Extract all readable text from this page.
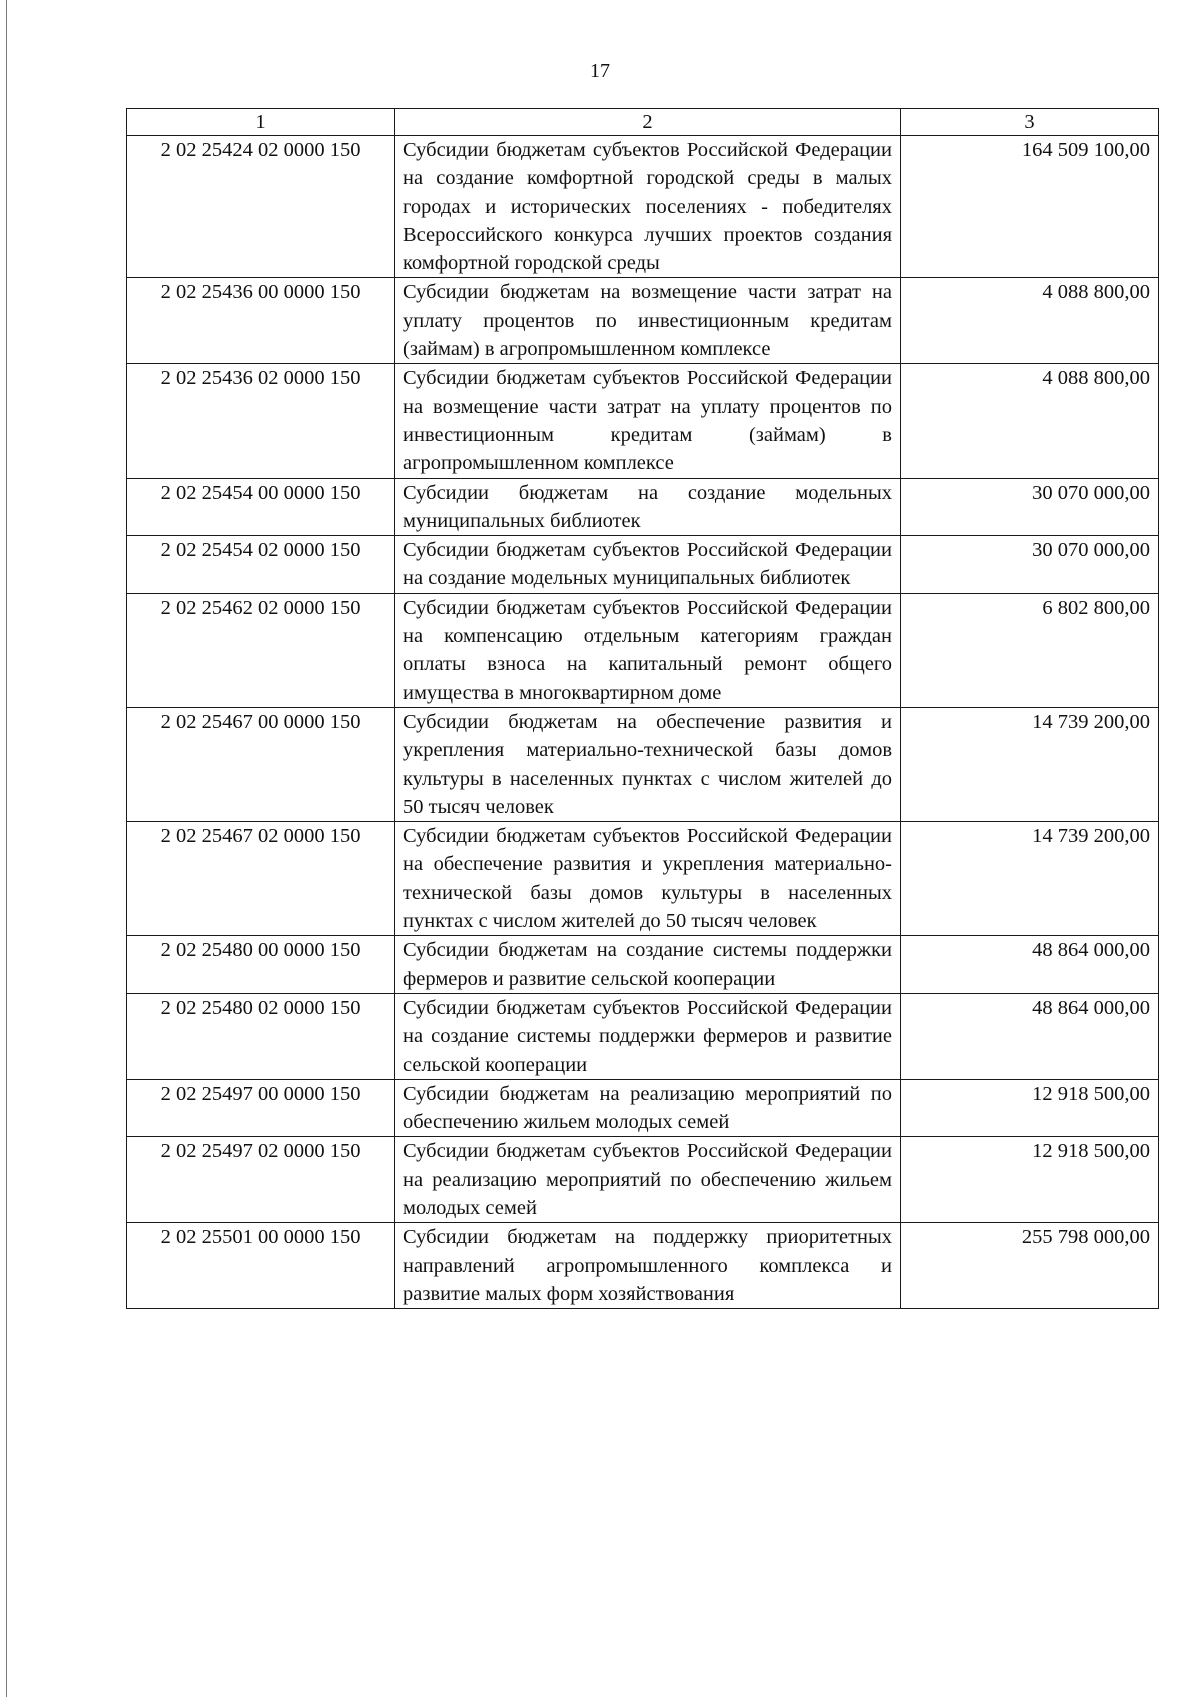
17
1	2	3
2 02 25424 02 0000 150	Субсидии бюджетам субъектов Российской Федерации на создание комфортной городской среды в малых городах и исторических поселениях - победителях Всероссийского конкурса лучших проектов создания комфортной городской среды	164 509 100,00
2 02 25436 00 0000 150	Субсидии бюджетам на возмещение части затрат на уплату процентов по инвестиционным кредитам (займам) в агропромышленном комплексе	4 088 800,00
2 02 25436 02 0000 150	Субсидии бюджетам субъектов Российской Федерации на возмещение части затрат на уплату процентов по инвестиционным кредитам (займам) в агропромышленном комплексе	4 088 800,00
2 02 25454 00 0000 150	Субсидии бюджетам на создание модельных муниципальных библиотек	30 070 000,00
2 02 25454 02 0000 150	Субсидии бюджетам субъектов Российской Федерации на создание модельных муниципальных библиотек	30 070 000,00
2 02 25462 02 0000 150	Субсидии бюджетам субъектов Российской Федерации на компенсацию отдельным категориям граждан оплаты взноса на капитальный ремонт общего имущества в многоквартирном доме	6 802 800,00
2 02 25467 00 0000 150	Субсидии бюджетам на обеспечение развития и укрепления материально-технической базы домов культуры в населенных пунктах с числом жителей до 50 тысяч человек	14 739 200,00
2 02 25467 02 0000 150	Субсидии бюджетам субъектов Российской Федерации на обеспечение развития и укрепления материально-технической базы домов культуры в населенных пунктах с числом жителей до 50 тысяч человек	14 739 200,00
2 02 25480 00 0000 150	Субсидии бюджетам на создание системы поддержки фермеров и развитие сельской кооперации	48 864 000,00
2 02 25480 02 0000 150	Субсидии бюджетам субъектов Российской Федерации на создание системы поддержки фермеров и развитие сельской кооперации	48 864 000,00
2 02 25497 00 0000 150	Субсидии бюджетам на реализацию мероприятий по обеспечению жильем молодых семей	12 918 500,00
2 02 25497 02 0000 150	Субсидии бюджетам субъектов Российской Федерации на реализацию мероприятий по обеспечению жильем молодых семей	12 918 500,00
2 02 25501 00 0000 150	Субсидии бюджетам на поддержку приоритетных направлений агропромышленного комплекса и развитие малых форм хозяйствования	255 798 000,00
